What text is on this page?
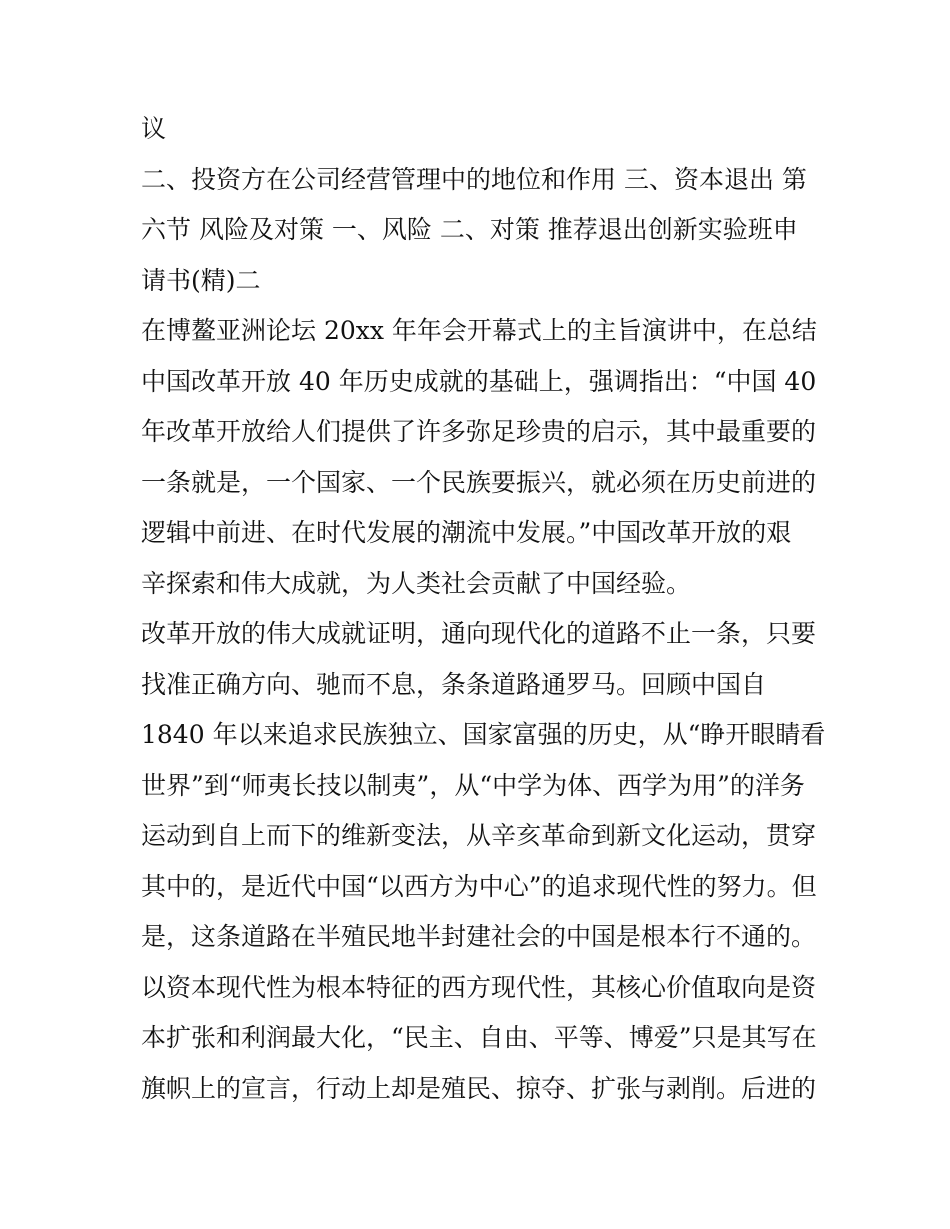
议
二、投资方在公司经营管理中的地位和作用 三、资本退出 第
六节 风险及对策 一、风险 二、对策 推荐退出创新实验班申
请书(精)二
在博鳌亚洲论坛 20xx 年年会开幕式上的主旨演讲中，在总结
中国改革开放 40 年历史成就的基础上，强调指出：“中国 40
年改革开放给人们提供了许多弥足珍贵的启示，其中最重要的
一条就是，一个国家、一个民族要振兴，就必须在历史前进的
逻辑中前进、在时代发展的潮流中发展。”中国改革开放的艰
辛探索和伟大成就，为人类社会贡献了中国经验。
改革开放的伟大成就证明，通向现代化的道路不止一条，只要
找准正确方向、驰而不息，条条道路通罗马。回顾中国自
1840 年以来追求民族独立、国家富强的历史，从“睁开眼睛看
世界”到“师夷长技以制夷”，从“中学为体、西学为用”的洋务
运动到自上而下的维新变法，从辛亥革命到新文化运动，贯穿
其中的，是近代中国“以西方为中心”的追求现代性的努力。但
是，这条道路在半殖民地半封建社会的中国是根本行不通的。
以资本现代性为根本特征的西方现代性，其核心价值取向是资
本扩张和利润最大化，“民主、自由、平等、博爱”只是其写在
旗帜上的宣言，行动上却是殖民、掠夺、扩张与剥削。后进的
